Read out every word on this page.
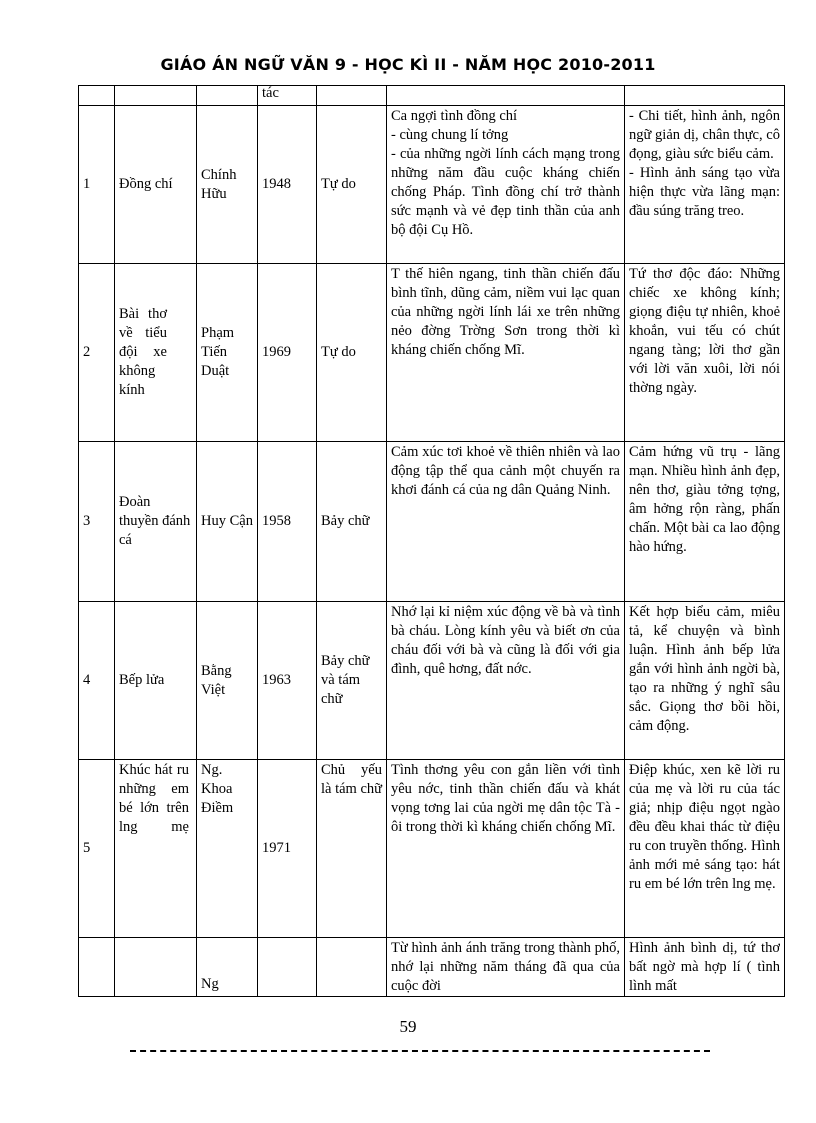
GIÁO ÁN NGỮ VĂN 9 - HỌC KÌ II - NĂM HỌC 2010-2011
			tác			
1	Đồng chí	Chính Hữu	1948	Tự do	Ca ngợi tình đồng chí
- cùng chung lí tởng
- của những ngời lính cách mạng trong những năm đầu cuộc kháng chiến chống Pháp. Tình đồng chí trở thành sức mạnh và vẻ đẹp tinh thần của anh bộ đội Cụ Hồ.	- Chi tiết, hình ảnh, ngôn ngữ giản dị, chân thực, cô đọng, giàu sức biểu cảm.
- Hình ảnh sáng tạo vừa hiện thực vừa lãng mạn: đầu súng trăng treo.

2	Bài thơ về tiểu đội xe không kính	Phạm Tiến Duật	1969	Tự do	T thế hiên ngang, tinh thần chiến đấu bình tĩnh, dũng cảm, niềm vui lạc quan của những ngời lính lái xe trên những nẻo đờng Trờng Sơn trong thời kì kháng chiến chống Mĩ.	Tứ thơ độc đáo: Những chiếc xe không kính; giọng điệu tự nhiên, khoẻ khoắn, vui tếu có chút ngang tàng; lời thơ gần với lời văn xuôi, lời nói thờng ngày.

3	Đoàn thuyền đánh cá	Huy Cận	1958	Bảy chữ	Cảm xúc tơi khoẻ về thiên nhiên và lao động tập thể qua cảnh một chuyến ra khơi đánh cá của ng dân Quảng Ninh.	Cảm hứng vũ trụ - lãng mạn. Nhiều hình ảnh đẹp, nên thơ, giàu tởng tợng, âm hởng rộn ràng, phấn chấn. Một bài ca lao động hào hứng.

4	Bếp lửa	Bằng Việt	1963	Bảy chữ và tám chữ	Nhớ lại kỉ niệm xúc động về bà và tình bà cháu. Lòng kính yêu và biết ơn của cháu đối với bà và cũng là đối với gia đình, quê hơng, đất nớc.	Kết hợp biểu cảm, miêu tả, kể chuyện và bình luận. Hình ảnh bếp lửa gắn với hình ảnh ngời bà, tạo ra những ý nghĩ sâu sắc. Giọng thơ bồi hồi, cảm động.

5	Khúc hát ru những em bé lớn trên lng mẹ	Ng. Khoa Điềm	1971	Chủ yếu là tám chữ	Tình thơng yêu con gắn liền với tình yêu nớc, tinh thần chiến đấu và khát vọng tơng lai của ngời mẹ dân tộc Tà - ôi trong thời kì kháng chiến chống Mĩ.	Điệp khúc, xen kẽ lời ru của mẹ và lời ru của tác giả; nhịp điệu ngọt ngào đều đều khai thác từ điệu ru con truyền thống. Hình ảnh mới mẻ sáng tạo: hát ru em bé lớn trên lng mẹ.

		Ng			Từ hình ảnh ánh trăng trong thành phố, nhớ lại những năm tháng đã qua của cuộc đời	Hình ảnh bình dị, tứ thơ bất ngờ mà hợp lí ( tình lình mất
59
